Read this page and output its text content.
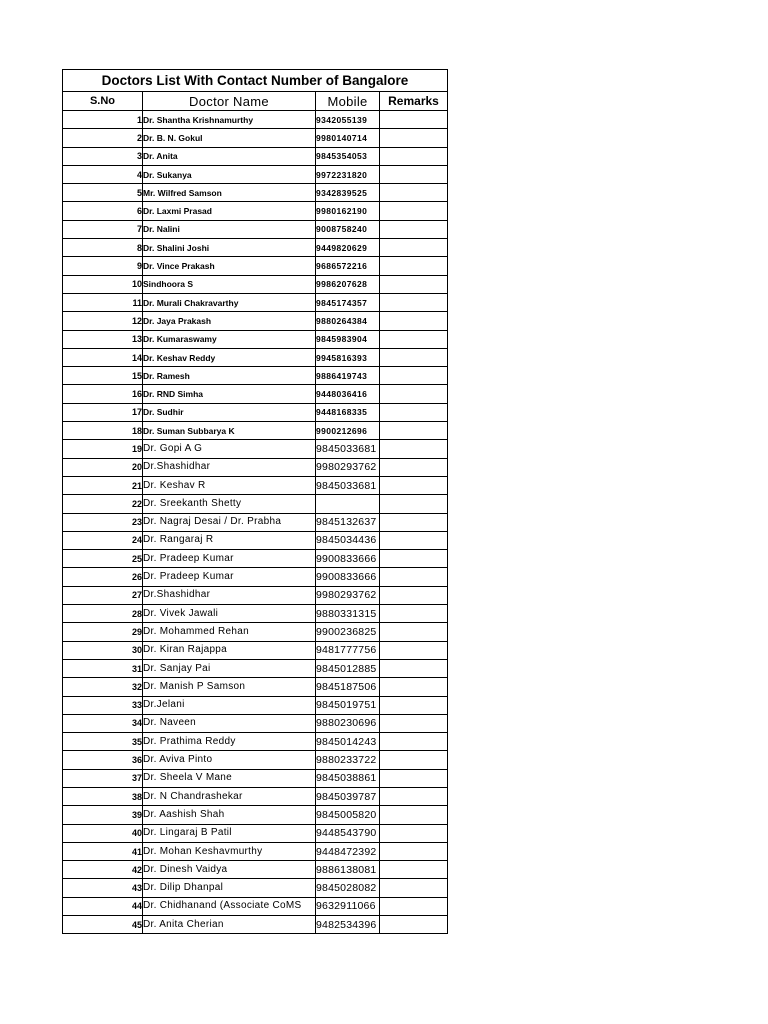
Doctors List With Contact Number of Bangalore			
S.No	Doctor Name	Mobile	Remarks
1	Dr. Shantha Krishnamurthy	9342055139	
2	Dr. B. N. Gokul	9980140714	
3	Dr. Anita	9845354053	
4	Dr. Sukanya	9972231820	
5	Mr. Wilfred Samson	9342839525	
6	Dr. Laxmi Prasad	9980162190	
7	Dr. Nalini	9008758240	
8	Dr. Shalini Joshi	9449820629	
9	Dr. Vince Prakash	9686572216	
10	Sindhoora S	9986207628	
11	Dr. Murali Chakravarthy	9845174357	
12	Dr. Jaya Prakash	9880264384	
13	Dr. Kumaraswamy	9845983904	
14	Dr. Keshav Reddy	9945816393	
15	Dr. Ramesh	9886419743	
16	Dr. RND Simha	9448036416	
17	Dr. Sudhir	9448168335	
18	Dr. Suman Subbarya K	9900212696	
19	Dr. Gopi A G	9845033681	
20	Dr.Shashidhar	9980293762	
21	Dr. Keshav R	9845033681	
22	Dr. Sreekanth Shetty		
23	Dr. Nagraj Desai / Dr. Prabha	9845132637	
24	Dr. Rangaraj R	9845034436	
25	Dr. Pradeep Kumar	9900833666	
26	Dr. Pradeep Kumar	9900833666	
27	Dr.Shashidhar	9980293762	
28	Dr. Vivek Jawali	9880331315	
29	Dr. Mohammed Rehan	9900236825	
30	Dr. Kiran Rajappa	9481777756	
31	Dr. Sanjay Pai	9845012885	
32	Dr. Manish P Samson	9845187506	
33	Dr.Jelani	9845019751	
34	Dr. Naveen	9880230696	
35	Dr. Prathima Reddy	9845014243	
36	Dr. Aviva Pinto	9880233722	
37	Dr. Sheela V Mane	9845038861	
38	Dr. N Chandrashekar	9845039787	
39	Dr. Aashish Shah	9845005820	
40	Dr. Lingaraj B Patil	9448543790	
41	Dr. Mohan Keshavmurthy	9448472392	
42	Dr. Dinesh Vaidya	9886138081	
43	Dr. Dilip Dhanpal	9845028082	
44	Dr. Chidhanand (Associate CoMS	9632911066	
45	Dr. Anita Cherian	9482534396	
